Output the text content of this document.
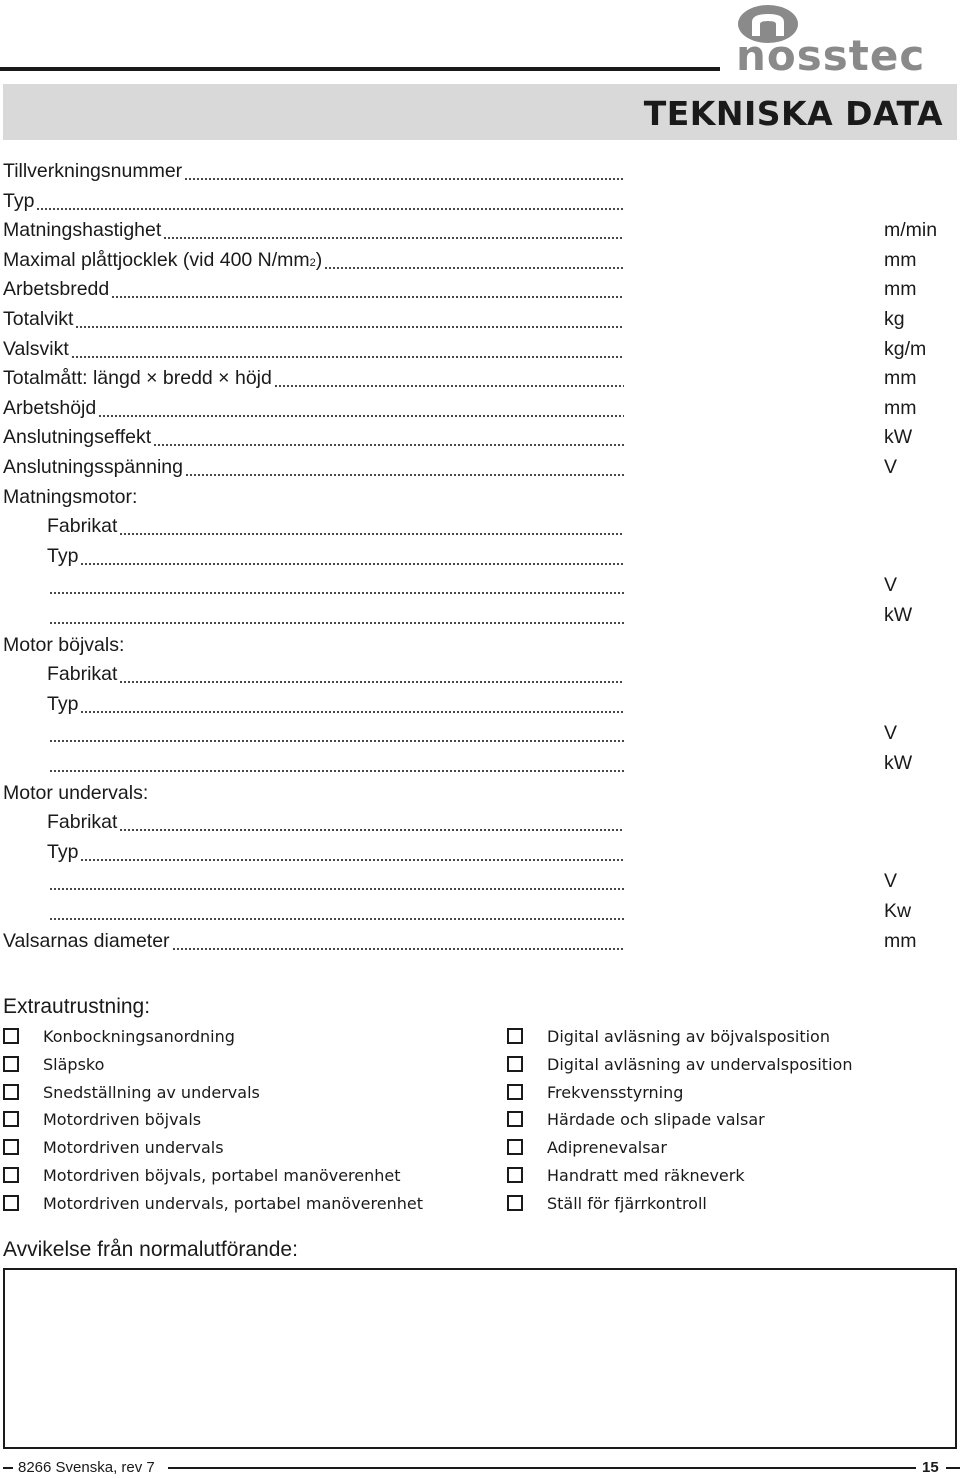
nosstec
TEKNISKA DATA
Tillverkningsnummer
Typ
Matningshastighet	m/min
Maximal plåttjocklek (vid 400 N/mm 2 )	mm
Arbetsbredd	mm
Totalvikt	kg
Valsvikt	kg/m
Totalmått: längd × bredd × höjd	mm
Arbetshöjd	mm
Anslutningseffekt	kW
Anslutningsspänning	V
Matningsmotor:
Fabrikat
Typ
V
kW
Motor böjvals:
Fabrikat
Typ
V
kW
Motor undervals:
Fabrikat
Typ
V
Kw
Valsarnas diameter	mm
Extrautrustning:
Konbockningsanordning
Släpsko
Snedställning av undervals
Motordriven böjvals
Motordriven undervals
Motordriven böjvals, portabel manöverenhet
Motordriven undervals, portabel manöverenhet
Digital avläsning av böjvalsposition
Digital avläsning av undervalsposition
Frekvensstyrning
Härdade och slipade valsar
Adiprenevalsar
Handratt med räkneverk
Ställ för fjärrkontroll
Avvikelse från normalutförande:
8266 Svenska, rev 7	15
